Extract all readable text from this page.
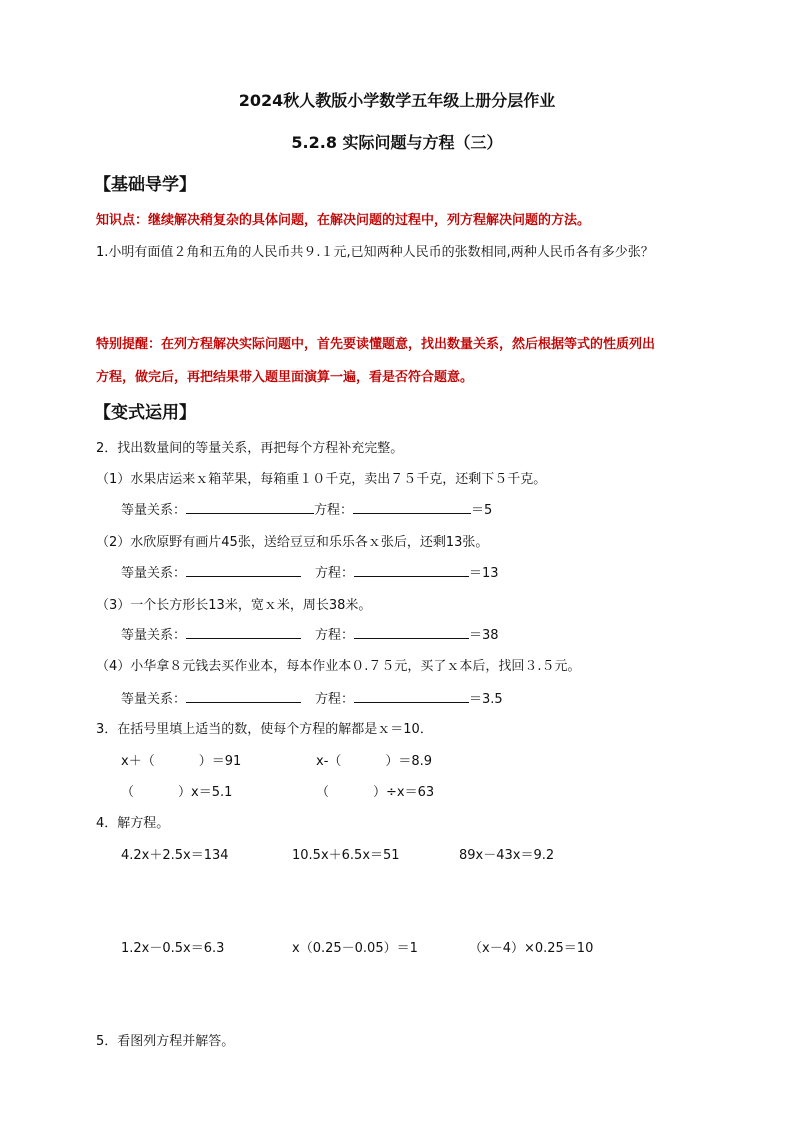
2024秋人教版小学数学五年级上册分层作业
5.2.8 实际问题与方程（三）
【基础导学】
知识点：继续解决稍复杂的具体问题，在解决问题的过程中，列方程解决问题的方法。
1.小明有面值２角和五角的人民币共９.１元,已知两种人民币的张数相同,两种人民币各有多少张？
特别提醒：在列方程解决实际问题中，首先要读懂题意，找出数量关系，然后根据等式的性质列出
方程，做完后，再把结果带入题里面演算一遍，看是否符合题意。
【变式运用】
2．找出数量间的等量关系，再把每个方程补充完整。
（1）水果店运来ｘ箱苹果，每箱重１０千克，卖出７５千克，还剩下５千克。
等量关系：	方程：	＝5
（2）水欣原野有画片45张，送给豆豆和乐乐各ｘ张后，还剩13张。
等量关系：	方程：	＝13
（3）一个长方形长13米，宽ｘ米，周长38米。
等量关系：	方程：	＝38
（4）小华拿８元钱去买作业本，每本作业本０.７５元，买了ｘ本后，找回３.５元。
等量关系：	方程：	＝3.5
3．在括号里填上适当的数，使每个方程的解都是ｘ＝10．
x＋（	）＝91	x-（	）＝8.9
（	）x＝5.1	（	）÷x＝63
4．解方程。
4.2x＋2.5x＝134	10.5x＋6.5x＝51	89x－43x＝9.2
1.2x－0.5x＝6.3	x（0.25－0.05）＝1	（x－4）×0.25＝10
5．看图列方程并解答。
